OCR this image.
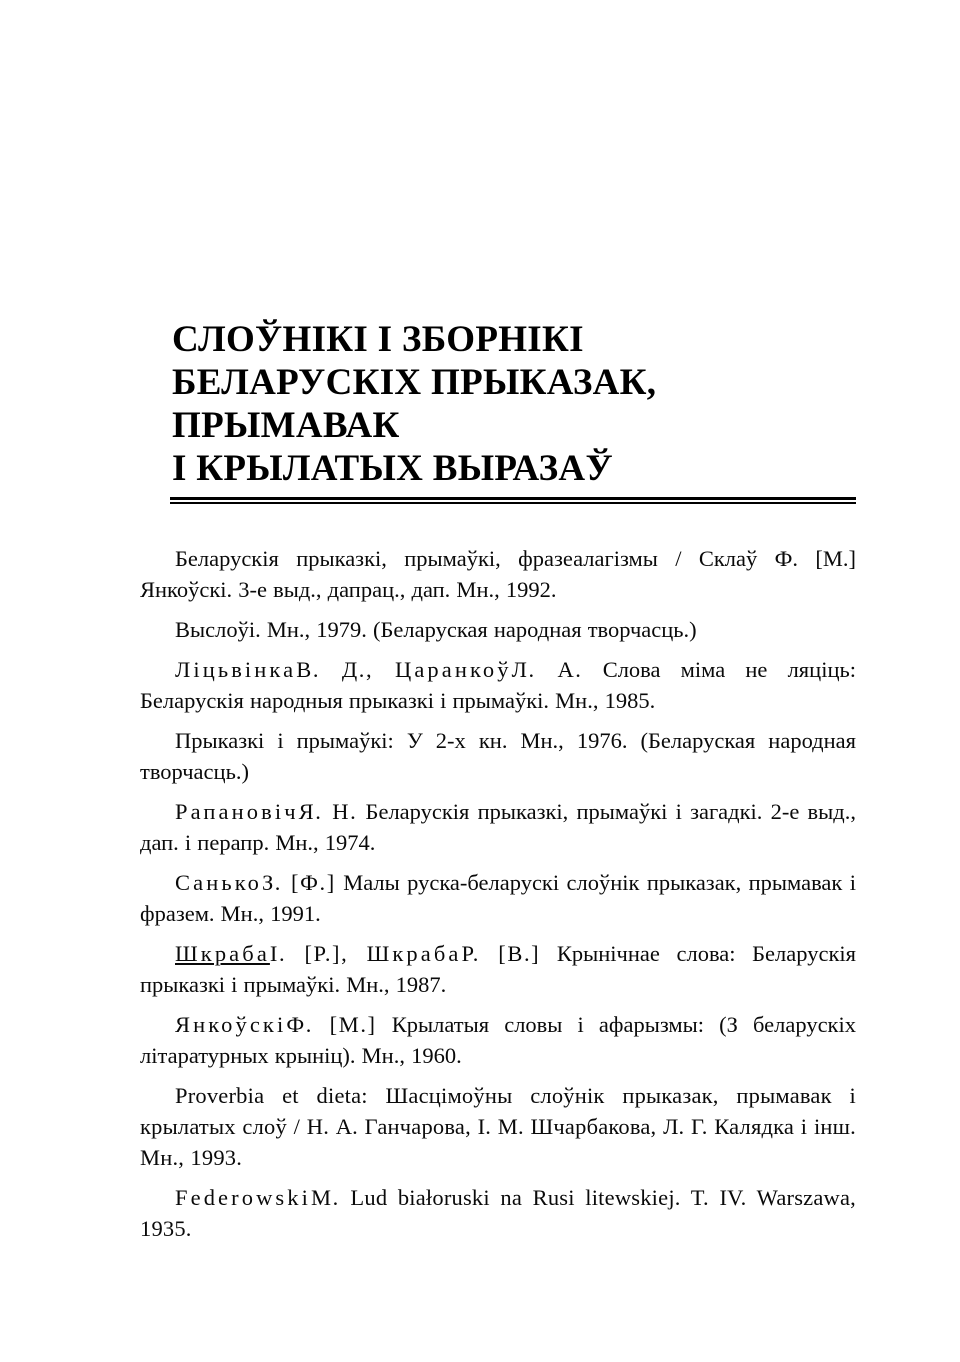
СЛОЎНІКІ І ЗБОРНІКІ
БЕЛАРУСКІХ ПРЫКАЗАК,
ПРЫМАВАК
І КРЫЛАТЫХ ВЫРАЗАЎ

Беларускія прыказкі, прымаўкі, фразеалагізмы / Склаў Ф. [М.] Янкоўскі. 3-е выд., дапрац., дап. Мн., 1992.

Выслоўі. Мн., 1979. (Беларуская народная творчасць.)

ЛіцьвінкаВ. Д., ЦаранкоўЛ. А. Слова міма не ляціць: Беларускія народныя прыказкі і прымаўкі. Мн., 1985.

Прыказкі і прымаўкі: У 2-х кн. Мн., 1976. (Беларуская народная творчасць.)

РапановічЯ. Н. Беларускія прыказкі, прымаўкі і загадкі. 2-е выд., дап. і перапр. Мн., 1974.

СанькоЗ. [Ф.] Малы руска-беларускі слоўнік прыказак, прымавак і фразем. Мн., 1991.

ШкрабаІ. [Р.], ШкрабаР. [В.] Крынічнае слова: Беларускія прыказкі і прымаўкі. Мн., 1987.

ЯнкоўскіФ. [М.] Крылатыя словы і афарызмы: (З беларускіх літаратурных крыніц). Мн., 1960.

Proverbia et dieta: Шасцімоўны слоўнік прыказак, прымавак і крылатых слоў / Н. А. Ганчарова, І. М. Шчарбакова, Л. Г. Калядка і інш. Мн., 1993.

FederowskiM. Lud białoruski na Rusi litewskiej. T. IV. Warszawa, 1935.
